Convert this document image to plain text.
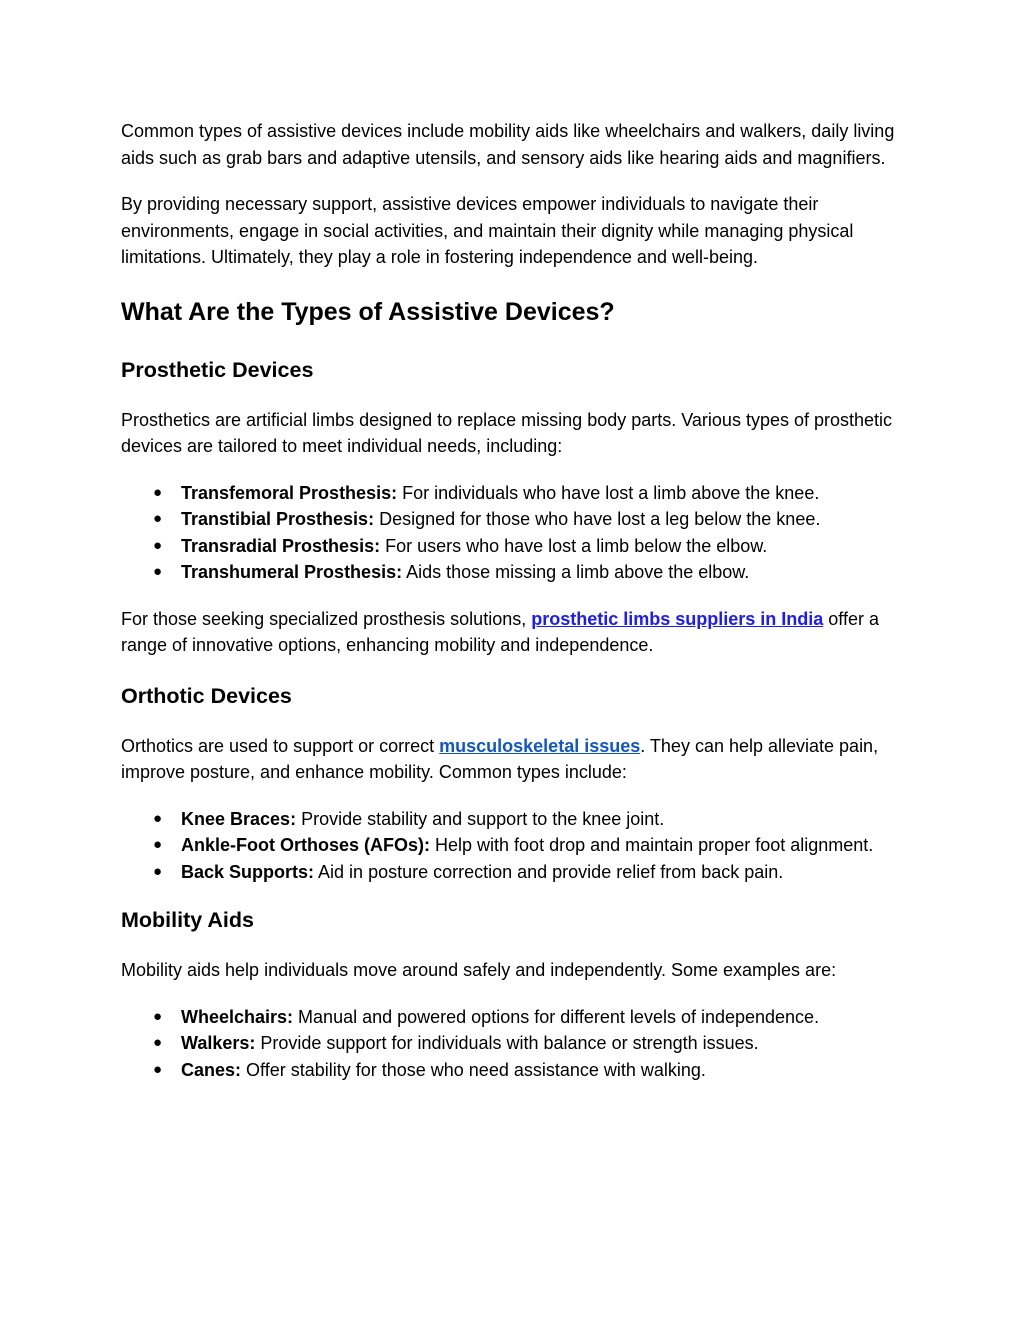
Common types of assistive devices include mobility aids like wheelchairs and walkers, daily living aids such as grab bars and adaptive utensils, and sensory aids like hearing aids and magnifiers.

By providing necessary support, assistive devices empower individuals to navigate their environments, engage in social activities, and maintain their dignity while managing physical limitations. Ultimately, they play a role in fostering independence and well-being.

What Are the Types of Assistive Devices?
Prosthetic Devices

Prosthetics are artificial limbs designed to replace missing body parts. Various types of prosthetic devices are tailored to meet individual needs, including:

● Transfemoral Prosthesis: For individuals who have lost a limb above the knee.
● Transtibial Prosthesis: Designed for those who have lost a leg below the knee.
● Transradial Prosthesis: For users who have lost a limb below the elbow.
● Transhumeral Prosthesis: Aids those missing a limb above the elbow.

For those seeking specialized prosthesis solutions, prosthetic limbs suppliers in India offer a range of innovative options, enhancing mobility and independence.

Orthotic Devices

Orthotics are used to support or correct musculoskeletal issues. They can help alleviate pain, improve posture, and enhance mobility. Common types include:

● Knee Braces: Provide stability and support to the knee joint.
● Ankle-Foot Orthoses (AFOs): Help with foot drop and maintain proper foot alignment.
● Back Supports: Aid in posture correction and provide relief from back pain.
Mobility Aids

Mobility aids help individuals move around safely and independently. Some examples are:

● Wheelchairs: Manual and powered options for different levels of independence.
● Walkers: Provide support for individuals with balance or strength issues.
● Canes: Offer stability for those who need assistance with walking.
